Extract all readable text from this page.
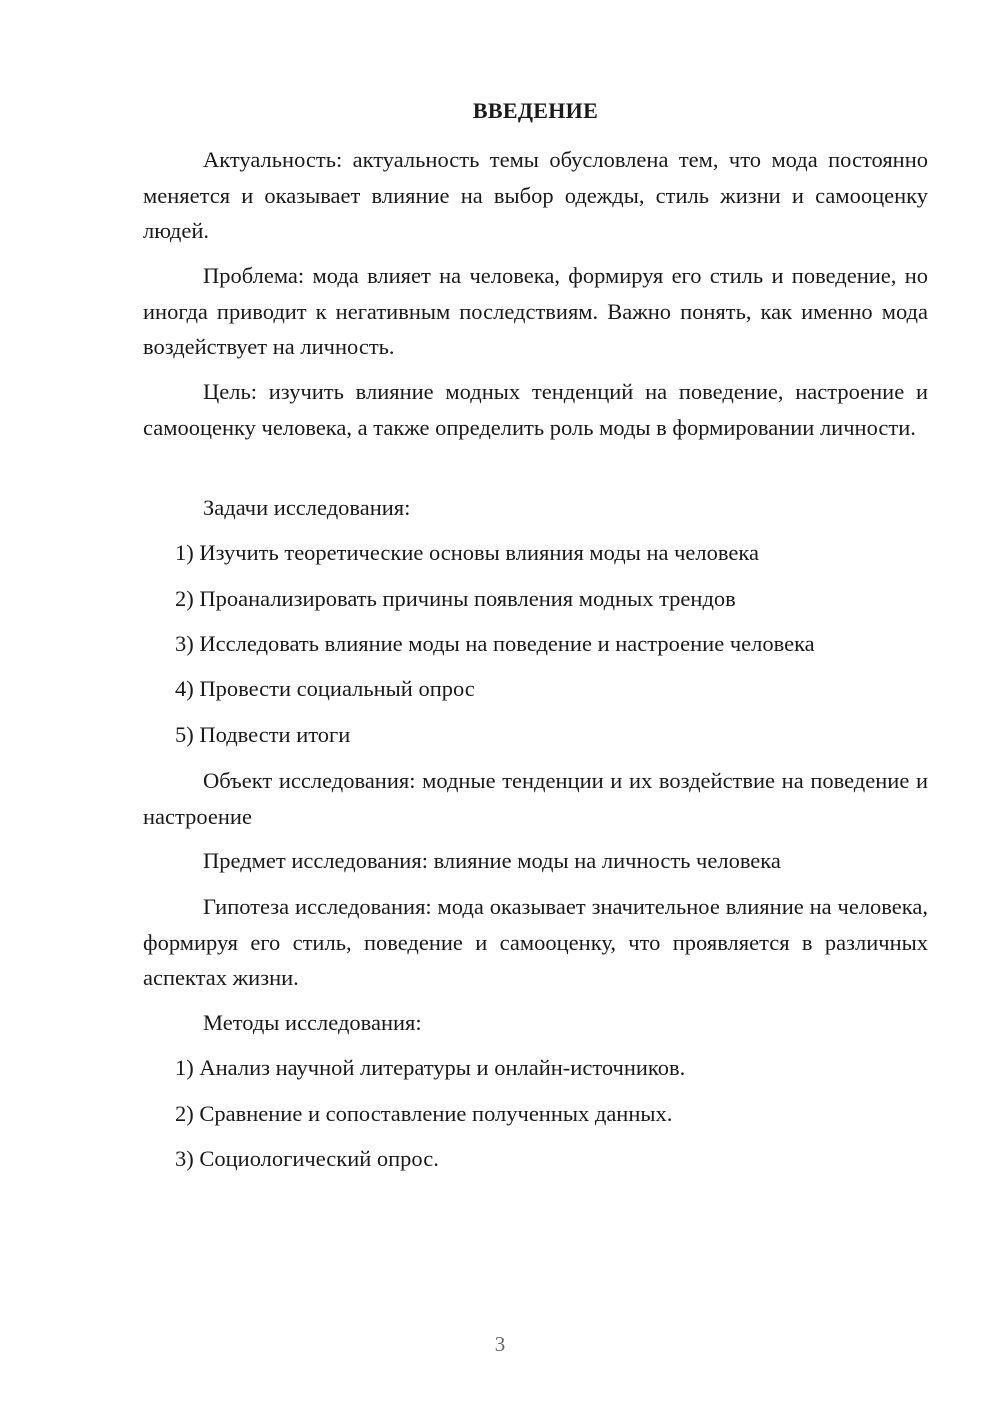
ВВЕДЕНИЕ

Актуальность: актуальность темы обусловлена тем, что мода постоянно меняется и оказывает влияние на выбор одежды, стиль жизни и самооценку людей.

Проблема: мода влияет на человека, формируя его стиль и поведение, но иногда приводит к негативным последствиям. Важно понять, как именно мода воздействует на личность.

Цель: изучить влияние модных тенденций на поведение, настроение и самооценку человека, а также определить роль моды в формировании личности.

Задачи исследования:

1) Изучить теоретические основы влияния моды на человека

2) Проанализировать причины появления модных трендов

3) Исследовать влияние моды на поведение и настроение человека

4) Провести социальный опрос

5) Подвести итоги

Объект исследования: модные тенденции и их воздействие на поведение и настроение

Предмет исследования: влияние моды на личность человека

Гипотеза исследования: мода оказывает значительное влияние на человека, формируя его стиль, поведение и самооценку, что проявляется в различных аспектах жизни.

Методы исследования:

1) Анализ научной литературы и онлайн-источников.

2) Сравнение и сопоставление полученных данных.

3) Социологический опрос.

3
